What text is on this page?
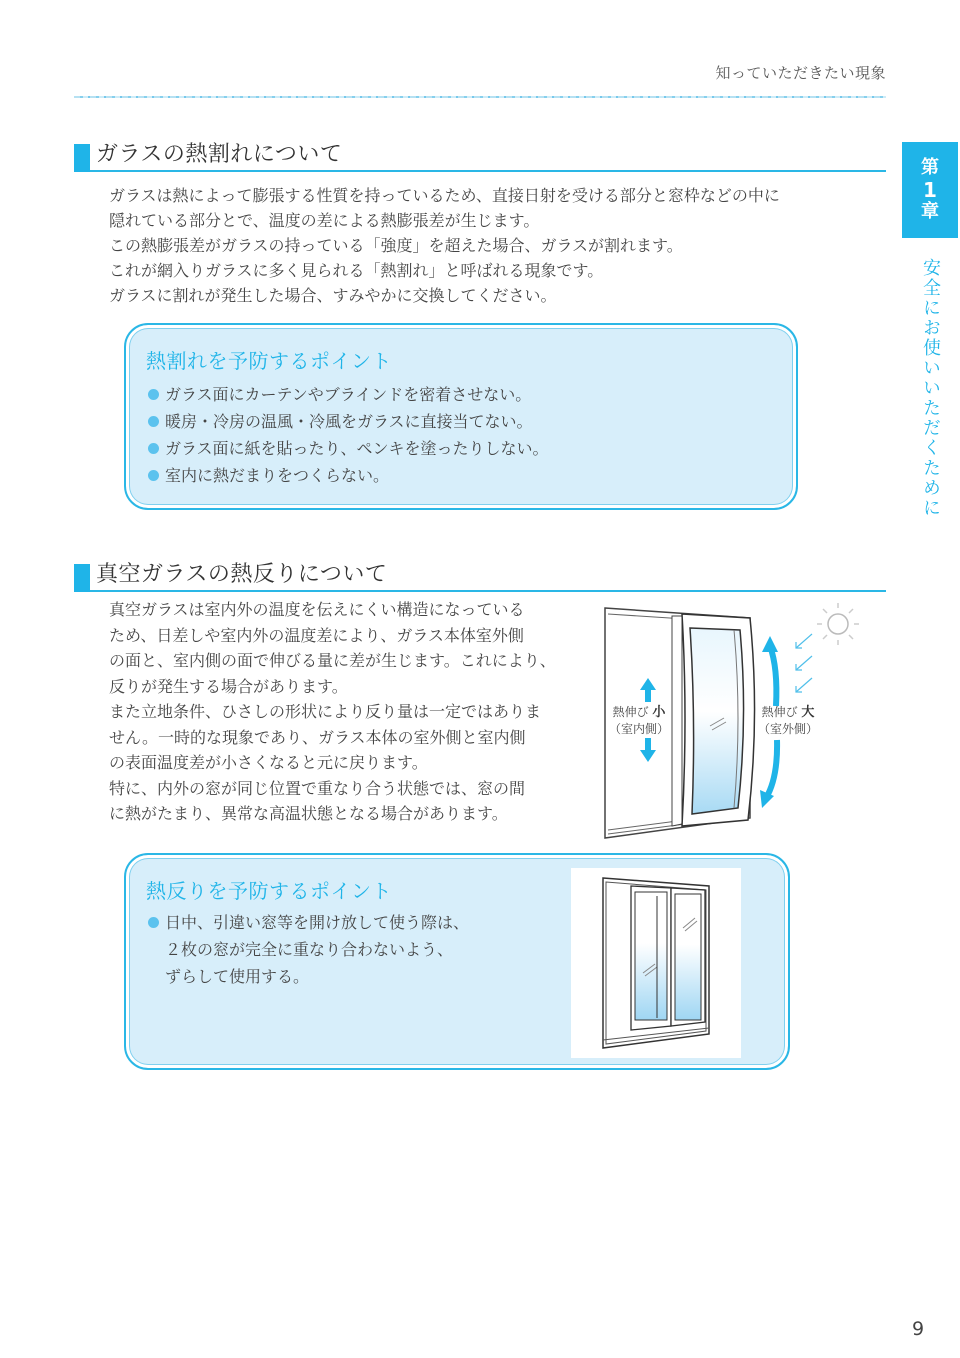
知っていただきたい現象
第
1
章
安全にお使いいただくために
ガラスの熱割れについて

ガラスは熱によって膨張する性質を持っているため、直接日射を受ける部分と窓枠などの中に

隠れている部分とで、温度の差による熱膨張差が生じます。

この熱膨張差がガラスの持っている「強度」を超えた場合、ガラスが割れます。

これが網入りガラスに多く見られる「熱割れ」と呼ばれる現象です。

ガラスに割れが発生した場合、すみやかに交換してください。

熱割れを予防するポイント
ガラス面にカーテンやブラインドを密着させない。
暖房・冷房の温風・冷風をガラスに直接当てない。
ガラス面に紙を貼ったり、ペンキを塗ったりしない。
室内に熱だまりをつくらない。
真空ガラスの熱反りについて

真空ガラスは室内外の温度を伝えにくい構造になっている

ため、日差しや室内外の温度差により、ガラス本体室外側

の面と、室内側の面で伸びる量に差が生じます。これにより、

反りが発生する場合があります。

また立地条件、ひさしの形状により反り量は一定ではありま

せん。一時的な現象であり、ガラス本体の室外側と室内側

の表面温度差が小さくなると元に戻ります。

特に、内外の窓が同じ位置で重なり合う状態では、窓の間

に熱がたまり、異常な高温状態となる場合があります。

熱伸び 小
（室内側）
熱伸び 大
（室外側）
熱反りを予防するポイント
日中、引違い窓等を開け放して使う際は、
２枚の窓が完全に重なり合わないよう、
ずらして使用する。
9
